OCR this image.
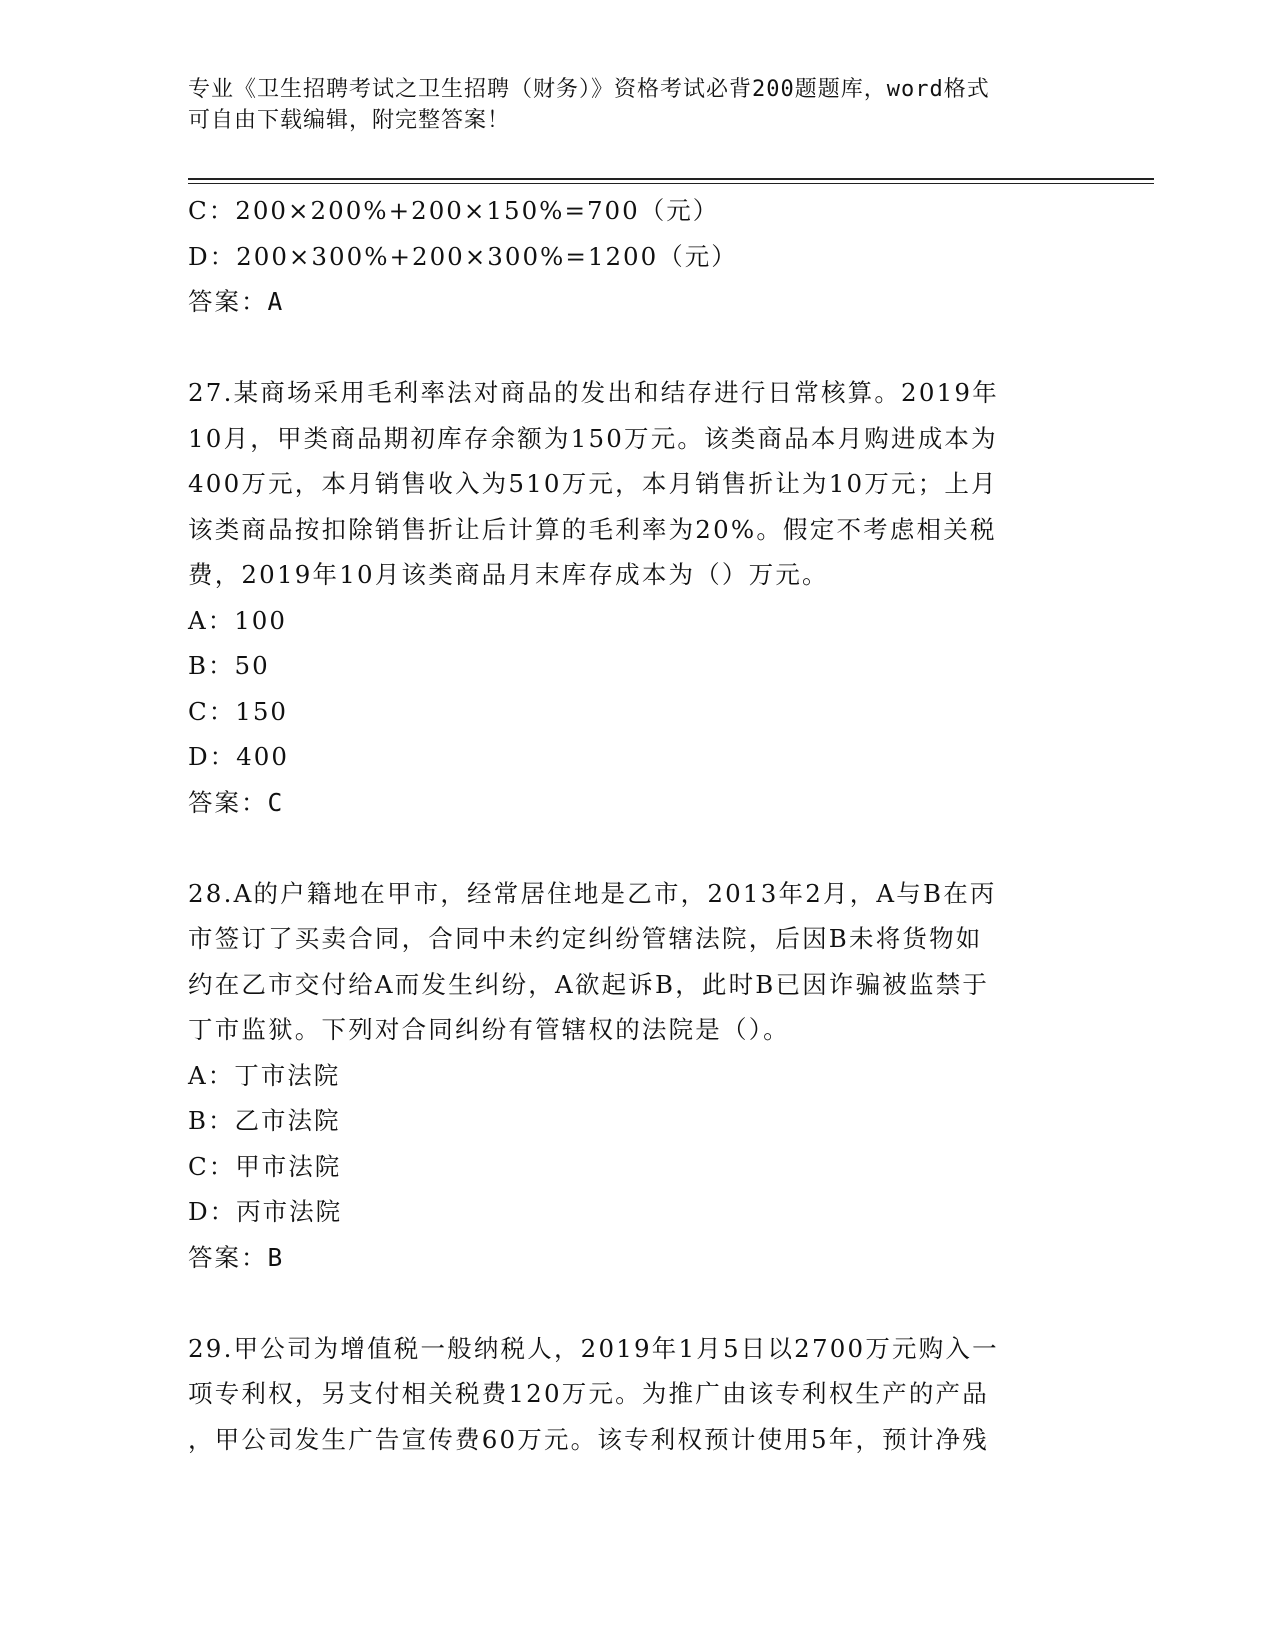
专业《卫生招聘考试之卫生招聘（财务）》资格考试必背200题题库，word格式
可自由下载编辑，附完整答案！
C：200×200%+200×150%=700（元）
D：200×300%+200×300%=1200（元）
答案：A
27.某商场采用毛利率法对商品的发出和结存进行日常核算。2019年
10月，甲类商品期初库存余额为150万元。该类商品本月购进成本为
400万元，本月销售收入为510万元，本月销售折让为10万元；上月
该类商品按扣除销售折让后计算的毛利率为20%。假定不考虑相关税
费，2019年10月该类商品月末库存成本为（）万元。
A：100
B：50
C：150
D：400
答案：C
28.A的户籍地在甲市，经常居住地是乙市，2013年2月，A与B在丙
市签订了买卖合同，合同中未约定纠纷管辖法院，后因B未将货物如
约在乙市交付给A而发生纠纷，A欲起诉B，此时B已因诈骗被监禁于
丁市监狱。下列对合同纠纷有管辖权的法院是（）。
A：丁市法院
B：乙市法院
C：甲市法院
D：丙市法院
答案：B
29.甲公司为增值税一般纳税人，2019年1月5日以2700万元购入一
项专利权，另支付相关税费120万元。为推广由该专利权生产的产品
，甲公司发生广告宣传费60万元。该专利权预计使用5年，预计净残
